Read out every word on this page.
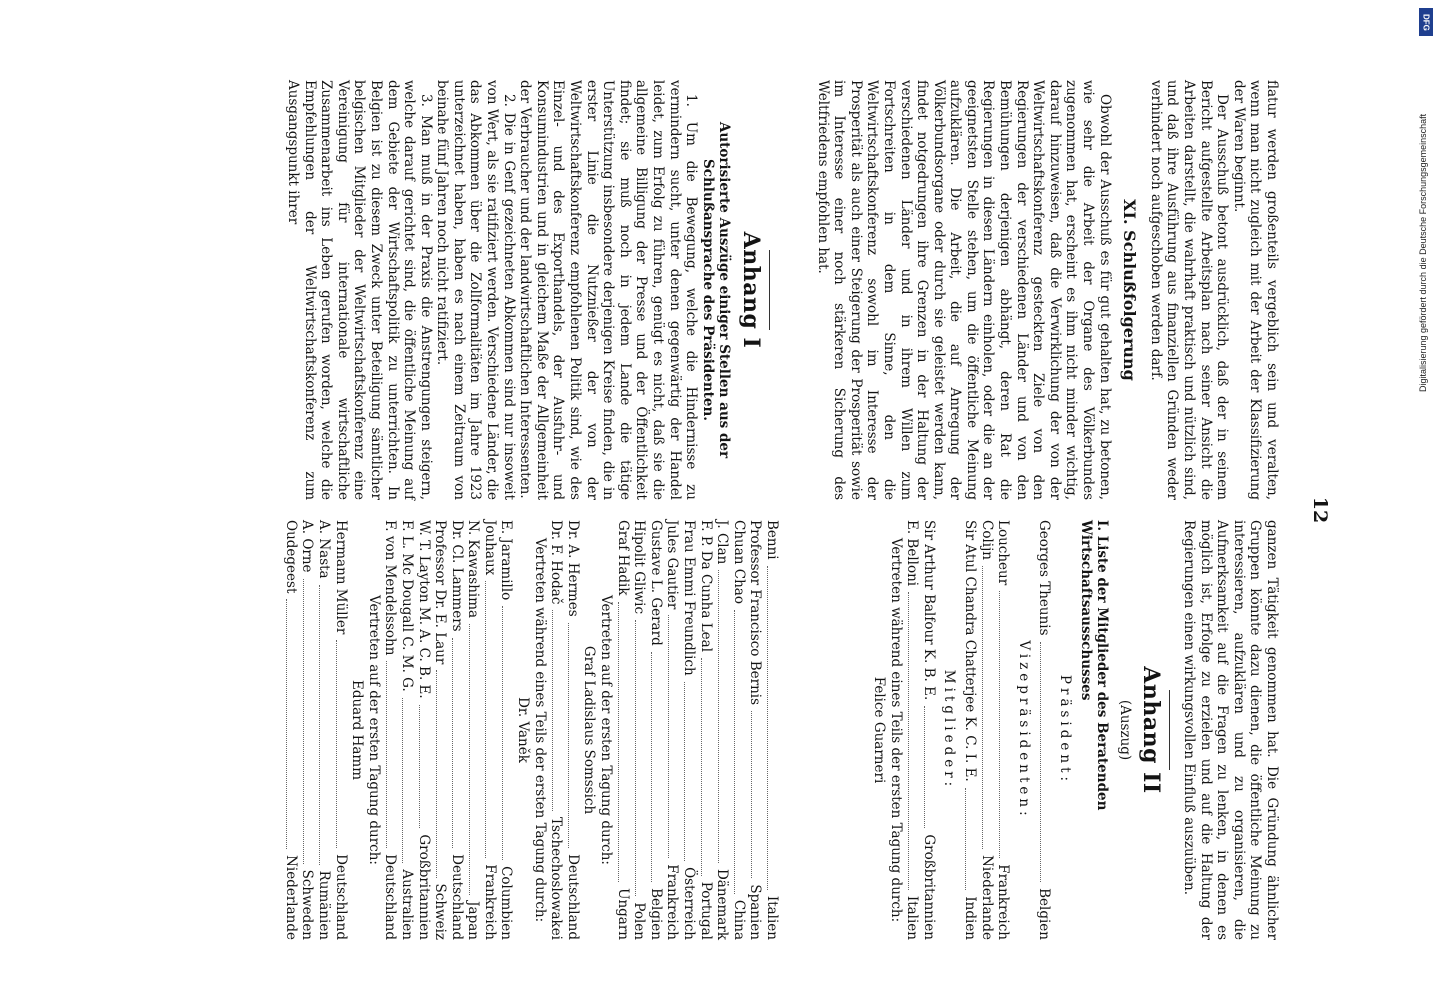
12

flatur werden großenteils vergeblich sein und veralten, wenn man nicht zugleich mit der Arbeit der Klassifizierung der Waren beginnt.

Der Ausschuß betont ausdrücklich, daß der in seinem Bericht aufgestellte Arbeitsplan nach seiner Ansicht die Arbeiten darstellt, die wahrhaft praktisch und nützlich sind, und daß ihre Ausführung aus finanziellen Gründen weder verhindert noch aufgeschoben werden darf.

XI. Schlußfolgerung

Obwohl der Ausschuß es für gut gehalten hat, zu betonen, wie sehr die Arbeit der Organe des Völkerbundes zugenommen hat, erscheint es ihm nicht minder wichtig, darauf hinzuweisen, daß die Verwirklichung der von der Weltwirtschaftskonferenz gesteckten Ziele von den Regierungen der verschiedenen Länder und von den Bemühungen derjenigen abhängt, deren Rat die Regierungen in diesen Ländern einholen, oder die an der geeignetsten Stelle stehen, um die öffentliche Meinung aufzuklären. Die Arbeit, die auf Anregung der Völkerbundsorgane oder durch sie geleistet werden kann, findet notgedrungen ihre Grenzen in der Haltung der verschiedenen Länder und in ihrem Willen zum Fortschreiten in dem Sinne, den die Weltwirtschaftskonferenz sowohl im Interesse der Prosperität als auch einer Steigerung der Prosperität sowie im Interesse einer noch stärkeren Sicherung des Weltfriedens empfohlen hat.

ganzen Tätigkeit genommen hat. Die Gründung ähnlicher Gruppen könnte dazu dienen, die öffentliche Meinung zu interessieren, aufzuklären und zu organisieren, die Aufmerksamkeit auf die Fragen zu lenken, in denen es möglich ist, Erfolge zu erzielen und auf die Haltung der Regierungen einen wirkungsvollen Einfluß auszuüben.

Anhang II
(Auszug)
I. Liste der Mitglieder des Beratenden Wirtschaftsausschusses
Präsident:
Georges Theunis
Belgien
Vizepräsidenten:
Loucheur
Frankreich
Colijn
Niederlande
Sir Atul Chandra Chatterjee K. C. I. E.
Indien
Mitglieder:
Sir Arthur Balfour K. B. E.
Großbritannien
E. Belloni
Italien
Vertreten während eines Teils der ersten Tagung durch:
Felice Guarneri
Anhang I
Autorisierte Auszüge einiger Stellen aus der Schlußansprache des Präsidenten.

1. Um die Bewegung, welche die Hindernisse zu vermindern sucht, unter denen gegenwärtig der Handel leidet, zum Erfolg zu führen, genügt es nicht, daß sie die allgemeine Billigung der Presse und der Öffentlichkeit findet; sie muß noch in jedem Lande die tätige Unterstützung insbesondere derjenigen Kreise finden, die in erster Linie die Nutznießer der von der Weltwirtschaftskonferenz empfohlenen Politik sind, wie des Einzel- und des Exporthandels, der Ausfuhr- und Konsumindustrien und in gleichem Maße der Allgemeinheit der Verbraucher und der landwirtschaftlichen Interessenten.

2. Die in Genf gezeichneten Abkommen sind nur insoweit von Wert, als sie ratifiziert werden. Verschiedene Länder, die das Abkommen über die Zollformalitäten im Jahre 1923 unterzeichnet haben, haben es nach einem Zeitraum von beinahe fünf Jahren noch nicht ratifiziert.

3. Man muß in der Praxis die Anstrengungen steigern, welche darauf gerichtet sind, die öffentliche Meinung auf dem Gebiete der Wirtschaftspolitik zu unterrichten. In Belgien ist zu diesem Zweck unter Beteiligung sämtlicher belgischen Mitglieder der Weltwirtschaftskonferenz eine Vereinigung für internationale wirtschaftliche Zusammenarbeit ins Leben gerufen worden, welche die Empfehlungen der Weltwirtschaftskonferenz zum Ausgangspunkt ihrer

Benni
Italien
Professor Francisco Bernis
Spanien
Chuan Chao
China
J. Clan
Dänemark
F. P. Da Cunha Leal
Portugal
Frau Emmi Freundlich
Österreich
Jules Gautier
Frankreich
Gustave L. Gerard
Belgien
Hipolit Gliwic
Polen
Graf Hadik
Ungarn
Vertreten auf der ersten Tagung durch:
Graf Ladislaus Somssich
Dr. A. Hermes
Deutschland
Dr. F. Hodač
Tschechoslowakei
Vertreten während eines Teils der ersten Tagung durch:
Dr. Vaněk
E. Jaramillo
Columbien
Jouhaux
Frankreich
N. Kawashima
Japan
Dr. Cl. Lammers
Deutschland
Professor Dr. E. Laur
Schweiz
W. T. Layton M. A. C. B. E.
Großbritannien
F. L. Mc Dougall C. M. G.
Australien
F. von Mendelssohn
Deutschland
Vertreten auf der ersten Tagung durch:
Eduard Hamm
Hermann Müller
Deutschland
A. Nasta
Rumänien
A. Orne
Schweden
Oudegeest
Niederlande
DFG
Digitalisierung gefördert durch die Deutsche Forschungsgemeinschaft
